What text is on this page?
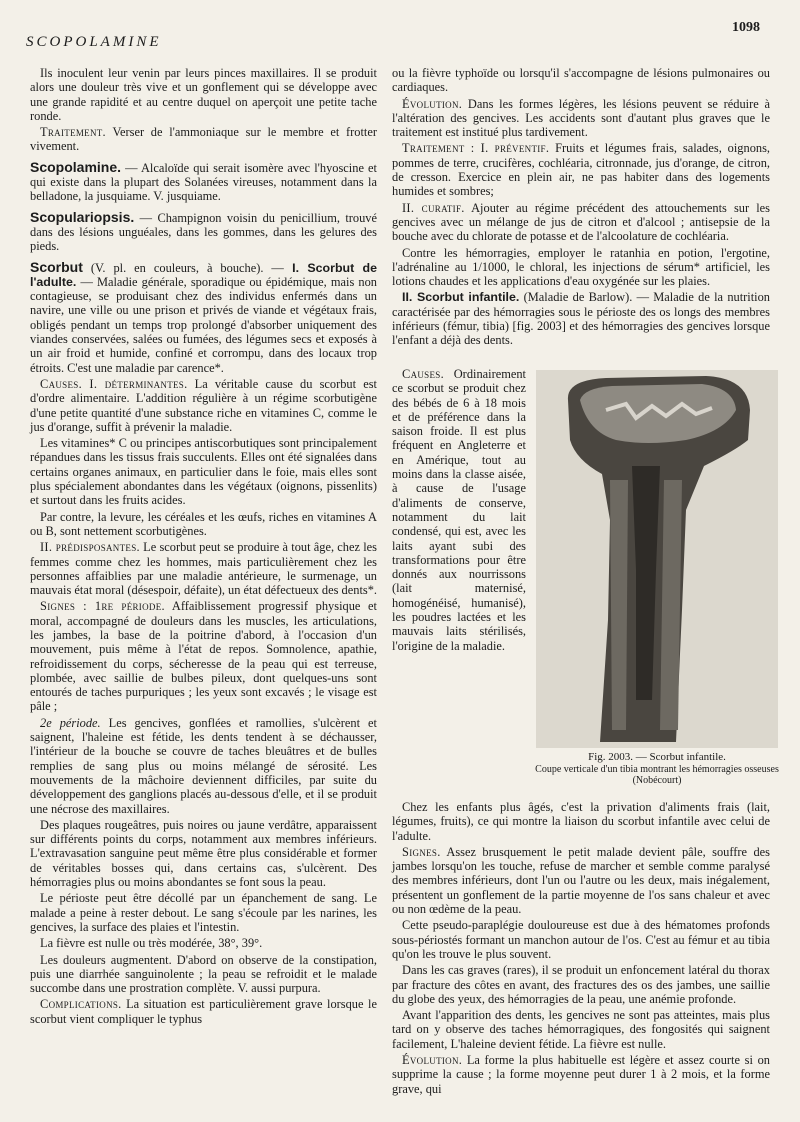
SCOPOLAMINE
1098

Ils inoculent leur venin par leurs pinces maxillaires. Il se produit alors une douleur très vive et un gonflement qui se développe avec une grande rapidité et au centre duquel on aperçoit une petite tache ronde.

Traitement. Verser de l'ammoniaque sur le membre et frotter vivement.

Scopolamine. — Alcaloïde qui serait isomère avec l'hyoscine et qui existe dans la plupart des Solanées vireuses, notamment dans la belladone, la jusquiame. V. jusquiame.

Scopulariopsis. — Champignon voisin du penicillium, trouvé dans des lésions unguéales, dans les gommes, dans les gelures des pieds.

Scorbut (V. pl. en couleurs, à bouche). — I. Scorbut de l'adulte. — Maladie générale, sporadique ou épidémique, mais non contagieuse, se produisant chez des individus enfermés dans un navire, une ville ou une prison et privés de viande et végétaux frais, obligés pendant un temps trop prolongé d'absorber uniquement des viandes conservées, salées ou fumées, des légumes secs et exposés à un air froid et humide, confiné et corrompu, dans des locaux trop étroits. C'est une maladie par carence*.

Causes. I. déterminantes. La véritable cause du scorbut est d'ordre alimentaire. L'addition régulière à un régime scorbutigène d'une petite quantité d'une substance riche en vitamines C, comme le jus d'orange, suffit à prévenir la maladie.

Les vitamines* C ou principes antiscorbutiques sont principalement répandues dans les tissus frais succulents. Elles ont été signalées dans certains organes animaux, en particulier dans le foie, mais elles sont plus spécialement abondantes dans les végétaux (oignons, pissenlits) et surtout dans les fruits acides.

Par contre, la levure, les céréales et les œufs, riches en vitamines A ou B, sont nettement scorbutigènes.

II. prédisposantes. Le scorbut peut se produire à tout âge, chez les femmes comme chez les hommes, mais particulièrement chez les personnes affaiblies par une maladie antérieure, le surmenage, un mauvais état moral (désespoir, défaite), un état défectueux des dents*.

Signes : 1re période. Affaiblissement progressif physique et moral, accompagné de douleurs dans les muscles, les articulations, les jambes, la base de la poitrine d'abord, à l'occasion d'un mouvement, puis même à l'état de repos. Somnolence, apathie, refroidissement du corps, sécheresse de la peau qui est terreuse, plombée, avec saillie de bulbes pileux, dont quelques-uns sont entourés de taches purpuriques ; les yeux sont excavés ; le visage est pâle ;

2e période. Les gencives, gonflées et ramollies, s'ulcèrent et saignent, l'haleine est fétide, les dents tendent à se déchausser, l'intérieur de la bouche se couvre de taches bleuâtres et de bulles remplies de sang plus ou moins mélangé de sérosité. Les mouvements de la mâchoire deviennent difficiles, par suite du développement des ganglions placés au-dessous d'elle, et il se produit une nécrose des maxillaires.

Des plaques rougeâtres, puis noires ou jaune verdâtre, apparaissent sur différents points du corps, notamment aux membres inférieurs. L'extravasation sanguine peut même être plus considérable et former de véritables bosses qui, dans certains cas, s'ulcèrent. Des hémorragies plus ou moins abondantes se font sous la peau.

Le périoste peut être décollé par un épanchement de sang. Le malade a peine à rester debout. Le sang s'écoule par les narines, les gencives, la surface des plaies et l'intestin.

La fièvre est nulle ou très modérée, 38°, 39°.

Les douleurs augmentent. D'abord on observe de la constipation, puis une diarrhée sanguinolente ; la peau se refroidit et le malade succombe dans une prostration complète. V. aussi purpura.

Complications. La situation est particulièrement grave lorsque le scorbut vient compliquer le typhus

ou la fièvre typhoïde ou lorsqu'il s'accompagne de lésions pulmonaires ou cardiaques.

Évolution. Dans les formes légères, les lésions peuvent se réduire à l'altération des gencives. Les accidents sont d'autant plus graves que le traitement est institué plus tardivement.

Traitement : I. préventif. Fruits et légumes frais, salades, oignons, pommes de terre, crucifères, cochléaria, citronnade, jus d'orange, de citron, de cresson. Exercice en plein air, ne pas habiter dans des logements humides et sombres;

II. curatif. Ajouter au régime précédent des attouchements sur les gencives avec un mélange de jus de citron et d'alcool ; antisepsie de la bouche avec du chlorate de potasse et de l'alcoolature de cochléaria.

Contre les hémorragies, employer le ratanhia en potion, l'ergotine, l'adrénaline au 1/1000, le chloral, les injections de sérum* artificiel, les lotions chaudes et les applications d'eau oxygénée sur les plaies.

II. Scorbut infantile. (Maladie de Barlow). — Maladie de la nutrition caractérisée par des hémorragies sous le périoste des os longs des membres inférieurs (fémur, tibia) [fig. 2003] et des hémorragies des gencives lorsque l'enfant a déjà des dents.

Causes. Ordinairement ce scorbut se produit chez des bébés de 6 à 18 mois et de préférence dans la saison froide. Il est plus fréquent en Angleterre et en Amérique, tout au moins dans la classe aisée, à cause de l'usage d'aliments de conserve, notamment du lait condensé, qui est, avec les laits ayant subi des transformations pour être donnés aux nourrissons (lait maternisé, homogénéisé, humanisé), les poudres lactées et les mauvais laits stérilisés, l'origine de la maladie.

Fig. 2003. — Scorbut infantile.
Coupe verticale d'un tibia montrant les hémorragies osseuses (Nobécourt)

Chez les enfants plus âgés, c'est la privation d'aliments frais (lait, légumes, fruits), ce qui montre la liaison du scorbut infantile avec celui de l'adulte.

Signes. Assez brusquement le petit malade devient pâle, souffre des jambes lorsqu'on les touche, refuse de marcher et semble comme paralysé des membres inférieurs, dont l'un ou l'autre ou les deux, mais inégalement, présentent un gonflement de la partie moyenne de l'os sans chaleur et avec ou non œdème de la peau.

Cette pseudo-paraplégie douloureuse est due à des hématomes profonds sous-périostés formant un manchon autour de l'os. C'est au fémur et au tibia qu'on les trouve le plus souvent.

Dans les cas graves (rares), il se produit un enfoncement latéral du thorax par fracture des côtes en avant, des fractures des os des jambes, une saillie du globe des yeux, des hémorragies de la peau, une anémie profonde.

Avant l'apparition des dents, les gencives ne sont pas atteintes, mais plus tard on y observe des taches hémorragiques, des fongosités qui saignent facilement, L'haleine devient fétide. La fièvre est nulle.

Évolution. La forme la plus habituelle est légère et assez courte si on supprime la cause ; la forme moyenne peut durer 1 à 2 mois, et la forme grave, qui
